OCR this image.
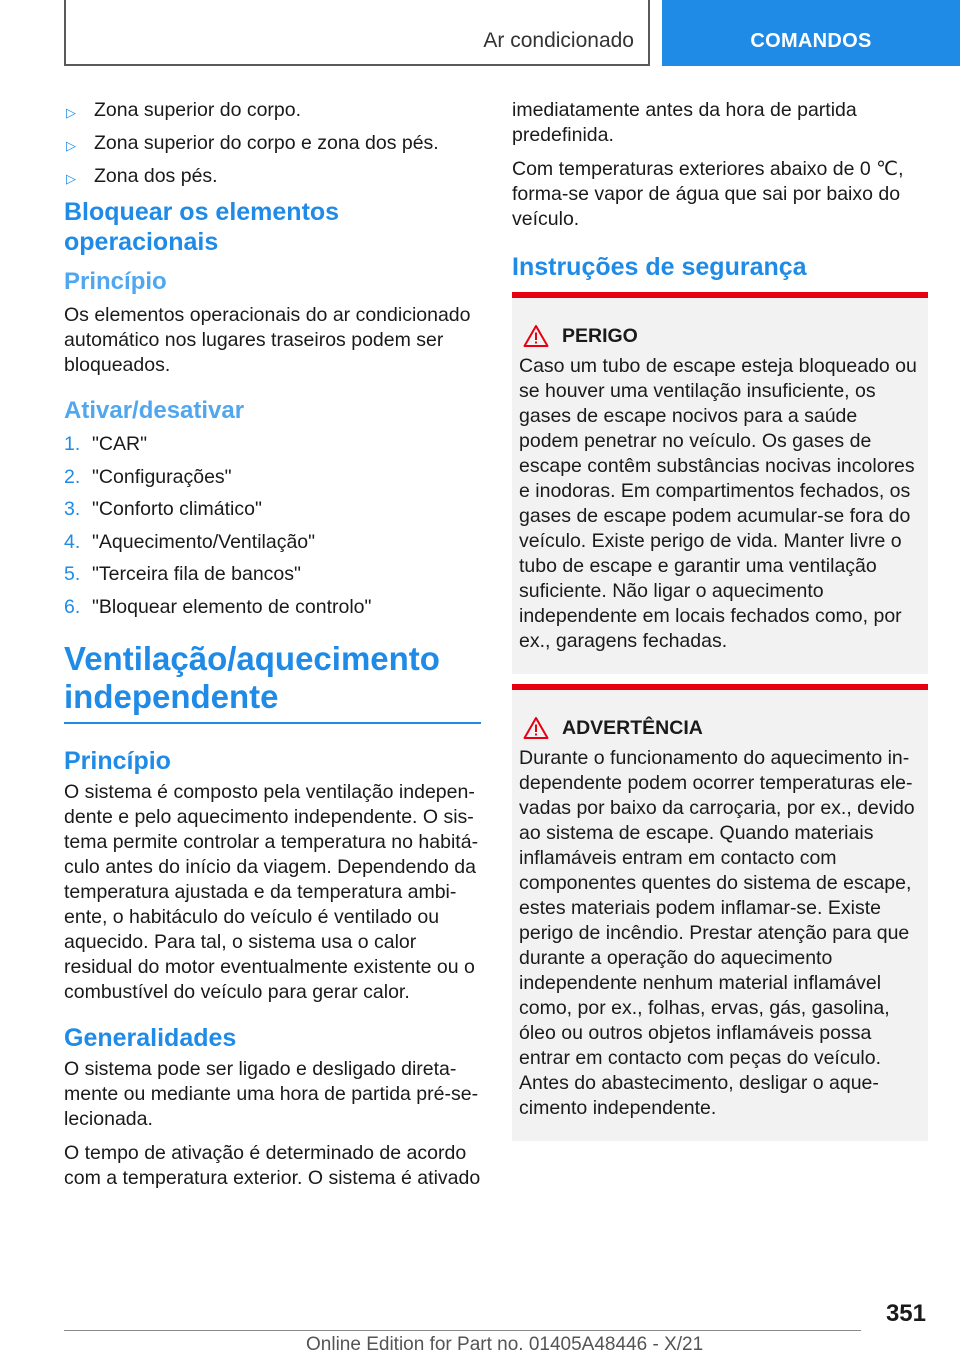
Ar condicionado	COMANDOS
▷ Zona superior do corpo.
▷ Zona superior do corpo e zona dos pés.
▷ Zona dos pés.
Bloquear os elementos operacionais
Princípio

Os elementos operacionais do ar condicionado automático nos lugares traseiros podem ser bloqueados.

Ativar/desativar
1. "CAR"
2. "Configurações"
3. "Conforto climático"
4. "Aquecimento/Ventilação"
5. "Terceira fila de bancos"
6. "Bloquear elemento de controlo"
Ventilação/aquecimento independente
Princípio

O sistema é composto pela ventilação independente e pelo aquecimento independente. O sistema permite controlar a temperatura no habitáculo antes do início da viagem. Dependendo da temperatura ajustada e da temperatura ambiente, o habitáculo do veículo é ventilado ou aquecido. Para tal, o sistema usa o calor residual do motor eventualmente existente ou o combustível do veículo para gerar calor.

Generalidades

O sistema pode ser ligado e desligado diretamente ou mediante uma hora de partida pré-selecionada.

O tempo de ativação é determinado de acordo com a temperatura exterior. O sistema é ativado

imediatamente antes da hora de partida predefinida.

Com temperaturas exteriores abaixo de 0 ℃, forma-se vapor de água que sai por baixo do veículo.

Instruções de segurança
PERIGO

Caso um tubo de escape esteja bloqueado ou se houver uma ventilação insuficiente, os gases de escape nocivos para a saúde podem penetrar no veículo. Os gases de escape contêm substâncias nocivas incolores e inodoras. Em compartimentos fechados, os gases de escape podem acumular-se fora do veículo. Existe perigo de vida. Manter livre o tubo de escape e garantir uma ventilação suficiente. Não ligar o aquecimento independente em locais fechados como, por ex., garagens fechadas.

ADVERTÊNCIA

Durante o funcionamento do aquecimento independente podem ocorrer temperaturas elevadas por baixo da carroçaria, por ex., devido ao sistema de escape. Quando materiais inflamáveis entram em contacto com componentes quentes do sistema de escape, estes materiais podem inflamar-se. Existe perigo de incêndio. Prestar atenção para que durante a operação do aquecimento independente nenhum material inflamável como, por ex., folhas, ervas, gás, gasolina, óleo ou outros objetos inflamáveis possa entrar em contacto com peças do veículo. Antes do abastecimento, desligar o aquecimento independente.

351
Online Edition for Part no. 01405A48446 - X/21
